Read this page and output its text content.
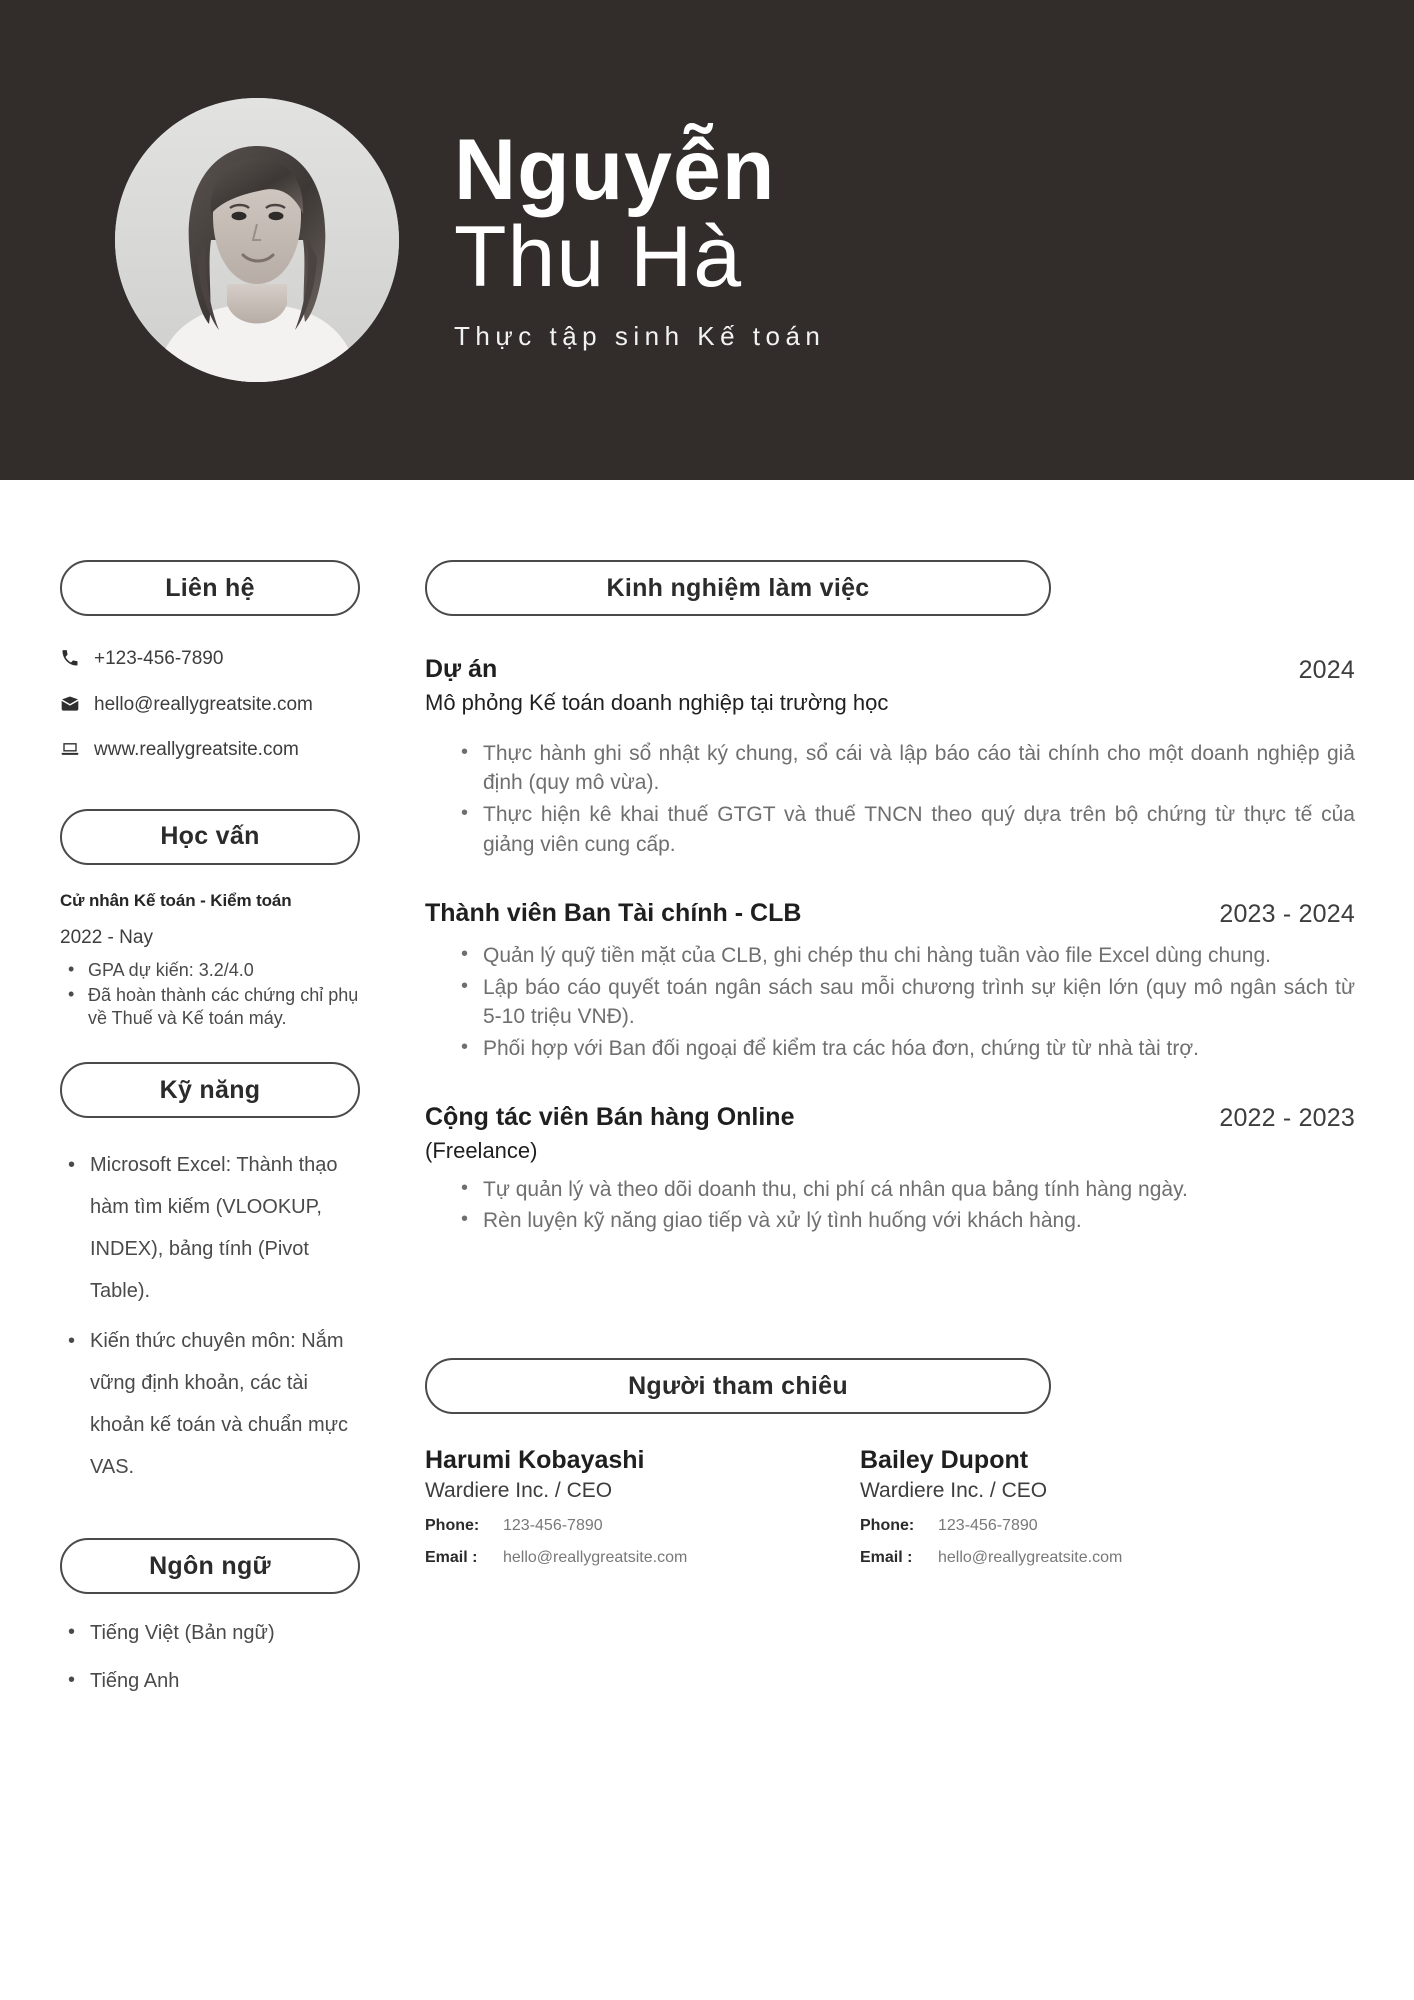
Nguyễn
Thu Hà
Thực tập sinh Kế toán
Liên hệ
+123-456-7890
hello@reallygreatsite.com
www.reallygreatsite.com
Học vấn
Cử nhân Kế toán - Kiểm toán
2022 - Nay
• GPA dự kiến: 3.2/4.0
• Đã hoàn thành các chứng chỉ phụ về Thuế và Kế toán máy.
Kỹ năng
• Microsoft Excel: Thành thạo hàm tìm kiếm (VLOOKUP, INDEX), bảng tính (Pivot Table).
• Kiến thức chuyên môn: Nắm vững định khoản, các tài khoản kế toán và chuẩn mực VAS.
Ngôn ngữ
• Tiếng Việt (Bản ngữ)
• Tiếng Anh
Kinh nghiệm làm việc
Dự án	2024
Mô phỏng Kế toán doanh nghiệp tại trường học
• Thực hành ghi sổ nhật ký chung, sổ cái và lập báo cáo tài chính cho một doanh nghiệp giả định (quy mô vừa).
• Thực hiện kê khai thuế GTGT và thuế TNCN theo quý dựa trên bộ chứng từ thực tế của giảng viên cung cấp.
Thành viên Ban Tài chính - CLB	2023 - 2024
• Quản lý quỹ tiền mặt của CLB, ghi chép thu chi hàng tuần vào file Excel dùng chung.
• Lập báo cáo quyết toán ngân sách sau mỗi chương trình sự kiện lớn (quy mô ngân sách từ 5-10 triệu VNĐ).
• Phối hợp với Ban đối ngoại để kiểm tra các hóa đơn, chứng từ từ nhà tài trợ.
Cộng tác viên Bán hàng Online	2022 - 2023
(Freelance)
• Tự quản lý và theo dõi doanh thu, chi phí cá nhân qua bảng tính hàng ngày.
• Rèn luyện kỹ năng giao tiếp và xử lý tình huống với khách hàng.
Người tham chiêu
Harumi Kobayashi
Wardiere Inc. / CEO
Phone:	123-456-7890
Email :	hello@reallygreatsite.com
Bailey Dupont
Wardiere Inc. / CEO
Phone:	123-456-7890
Email :	hello@reallygreatsite.com
